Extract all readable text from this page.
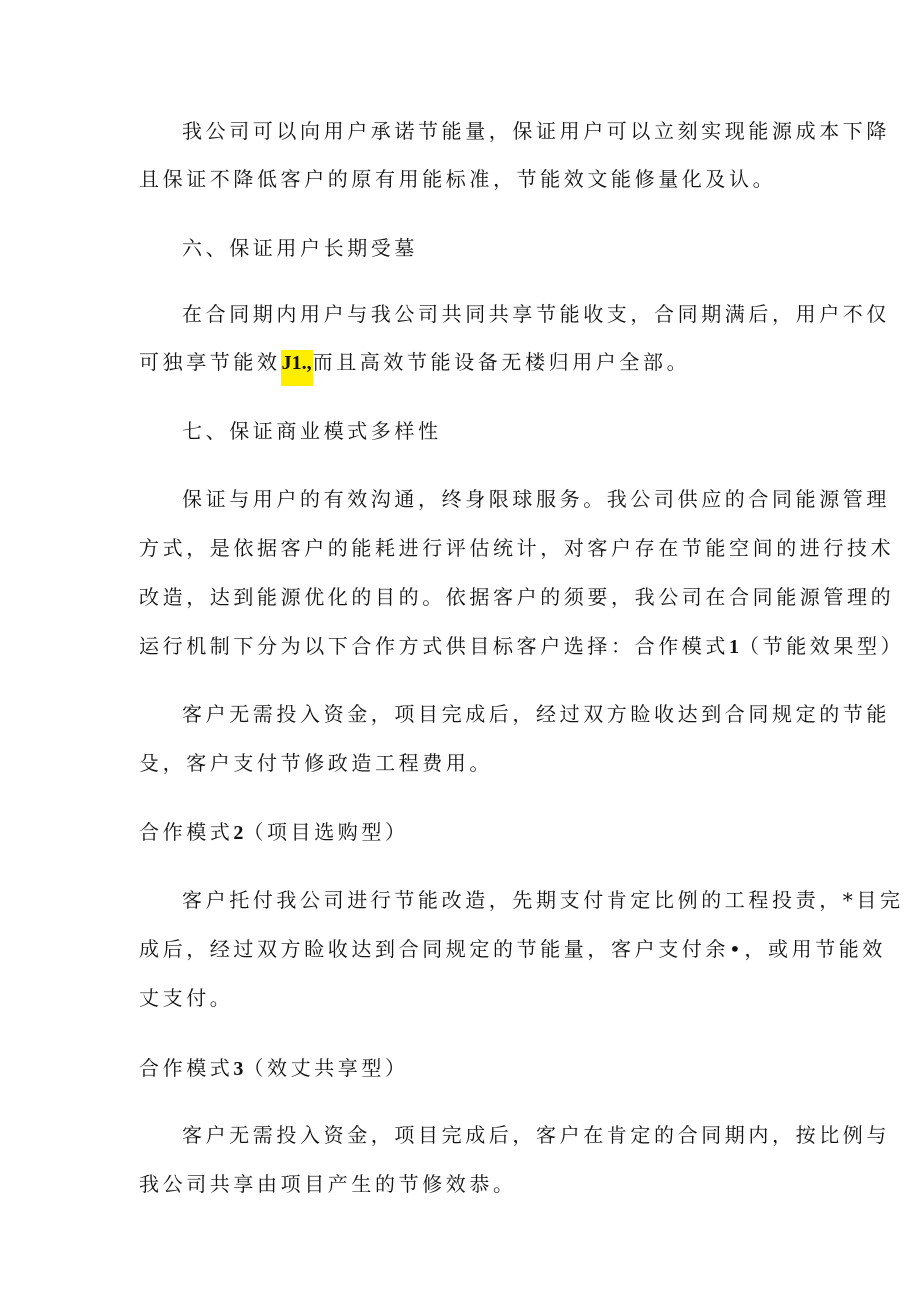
我公司可以向用户承诺节能量，保证用户可以立刻实现能源成本下降
且保证不降低客户的原有用能标准，节能效文能修量化及认。
六、保证用户长期受墓
在合同期内用户与我公司共同共享节能收支，合同期满后，用户不仅
可独享节能效J1.,而且高效节能设备无楼归用户全部。
七、保证商业模式多样性
保证与用户的有效沟通，终身限球服务。我公司供应的合同能源管理
方式，是依据客户的能耗进行评估统计，对客户存在节能空间的进行技术
改造，达到能源优化的目的。依据客户的须要，我公司在合同能源管理的
运行机制下分为以下合作方式供目标客户选择：合作模式1（节能效果型）
客户无需投入资金，项目完成后，经过双方睑收达到合同规定的节能
殳，客户支付节修政造工程费用。
合作模式2（项目选购型）
客户托付我公司进行节能改造，先期支付肯定比例的工程投责，*目完
成后，经过双方睑收达到合同规定的节能量，客户支付余•，或用节能效
丈支付。
合作模式3（效丈共享型）
客户无需投入资金，项目完成后，客户在肯定的合同期内，按比例与
我公司共享由项目产生的节修效恭。
